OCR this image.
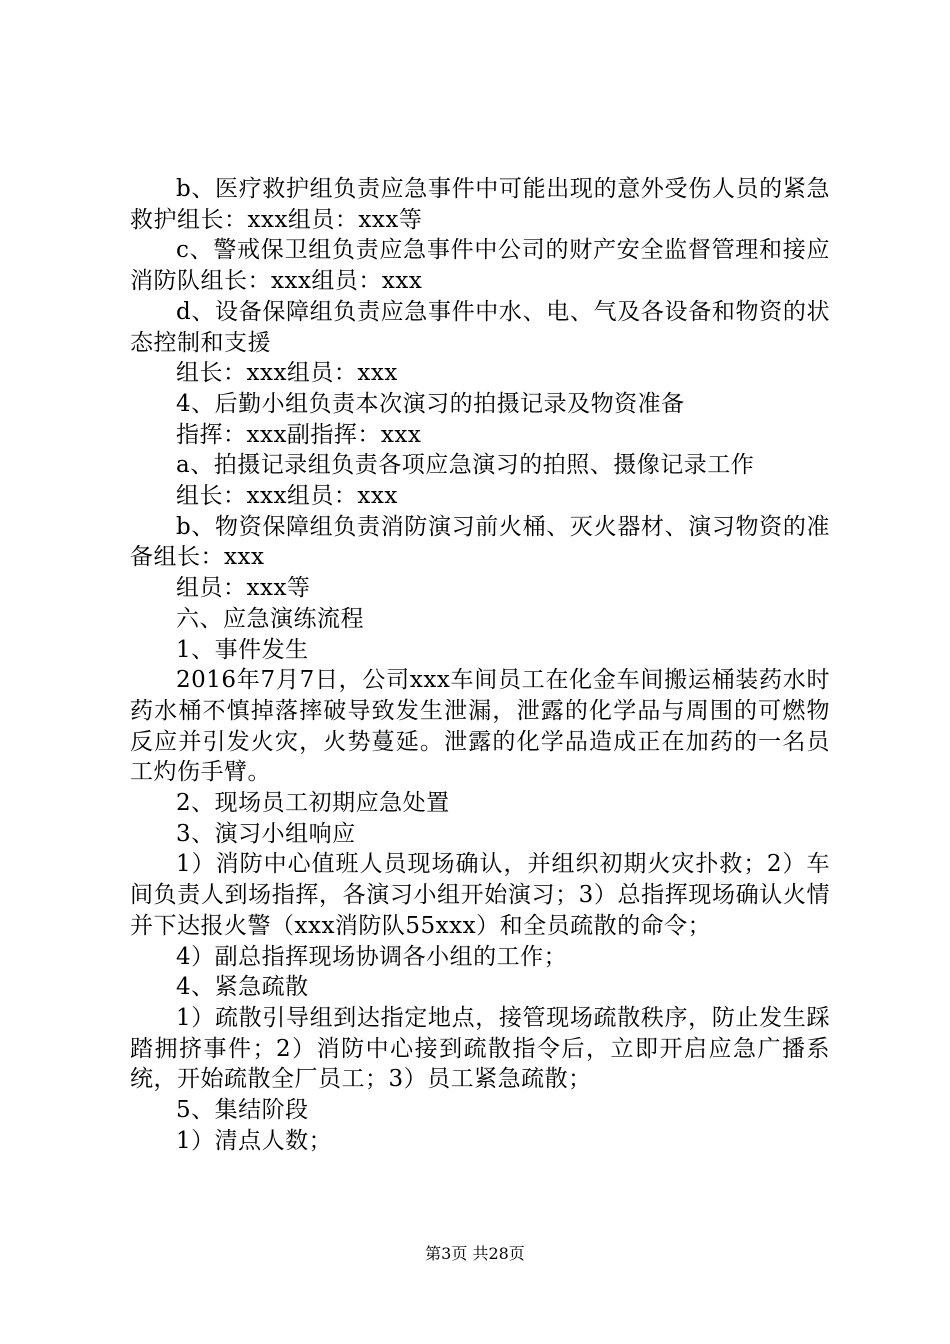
b、医疗救护组负责应急事件中可能出现的意外受伤人员的紧急救护组长：xxx组员：xxx等

c、警戒保卫组负责应急事件中公司的财产安全监督管理和接应消防队组长：xxx组员：xxx

d、设备保障组负责应急事件中水、电、气及各设备和物资的状态控制和支援

组长：xxx组员：xxx

4、后勤小组负责本次演习的拍摄记录及物资准备

指挥：xxx副指挥：xxx

a、拍摄记录组负责各项应急演习的拍照、摄像记录工作

组长：xxx组员：xxx

b、物资保障组负责消防演习前火桶、灭火器材、演习物资的准备组长：xxx

组员：xxx等

六、应急演练流程

1、事件发生

2016年7月7日，公司xxx车间员工在化金车间搬运桶装药水时药水桶不慎掉落摔破导致发生泄漏，泄露的化学品与周围的可燃物反应并引发火灾，火势蔓延。泄露的化学品造成正在加药的一名员工灼伤手臂。

2、现场员工初期应急处置

3、演习小组响应

1）消防中心值班人员现场确认，并组织初期火灾扑救；2）车间负责人到场指挥，各演习小组开始演习；3）总指挥现场确认火情并下达报火警（xxx消防队55xxx）和全员疏散的命令；

4）副总指挥现场协调各小组的工作；

4、紧急疏散

1）疏散引导组到达指定地点，接管现场疏散秩序，防止发生踩踏拥挤事件；2）消防中心接到疏散指令后，立即开启应急广播系统，开始疏散全厂员工；3）员工紧急疏散；

5、集结阶段

1）清点人数；

第3页 共28页
